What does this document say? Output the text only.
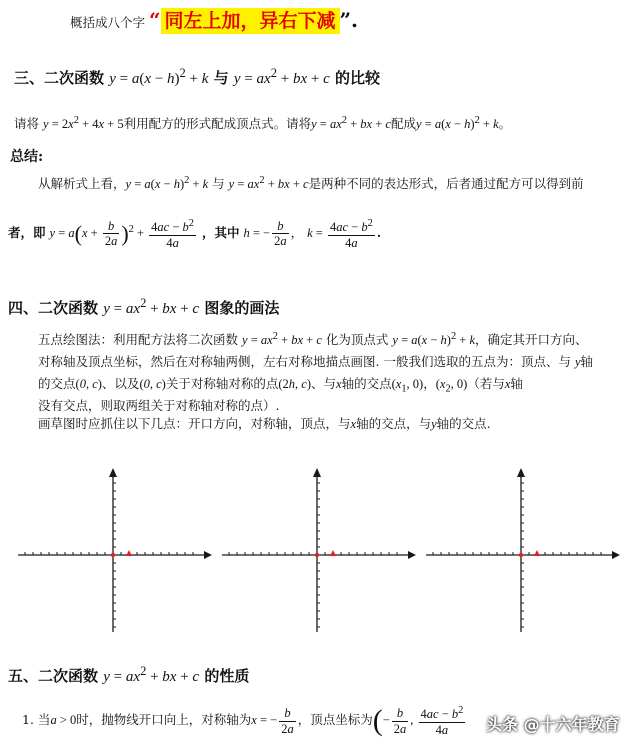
概括成八个字 “ 同左上加，异右下减 ”.
三、二次函数 $y = a(x - h)^2 + k$ 与 $y = ax^2$ + bx + c 的比较
请将 $y = 2x^2 + 4x + 5$利用配方的形式配成顶点式。请将$y = ax^2$ + bx + c配成$y = a(x - h)^2 + k$。
总结:
从解析式上看，$y = a(x - h)^2 + k$ 与 $y = ax^2$ + bx + c是两种不同的表达形式，后者通过配方可以得到前
者，即 $y = a(x + \frac{b}{2a} )^2 + \frac{4ac - b^2}{4a}$ ，其中 h = − $\frac{b}{2a}$ ， $k = \frac{4ac - b^2}{4a}$ .
四、二次函数 $y = ax^2$ + bx + c 图象的画法
五点绘图法：利用配方法将二次函数 $y = ax^2$ + bx + c 化为顶点式 $y = a(x - h)^2 + k$，确定其开口方向、
对称轴及顶点坐标，然后在对称轴两侧，左右对称地描点画图. 一般我们选取的五点为：顶点、与 y轴
的交点(0, c)、以及(0, c)关于对称轴对称的点(2h, c)、与x轴的交点($x_1$, 0)，($x_2$, 0)（若与x轴
没有交点，则取两组关于对称轴对称的点）.
画草图时应抓住以下几点：开口方向，对称轴，顶点，与x轴的交点，与y轴的交点.
五、二次函数 $y = ax^2$ + bx + c 的性质
1. 当a > 0时，抛物线开口向上，对称轴为x = − $\frac{b}{2a}$ ，顶点坐标为(− $\frac{b}{2a}$ , $\frac{4ac - b^2}{4a}$ 头条 @十六年教育
